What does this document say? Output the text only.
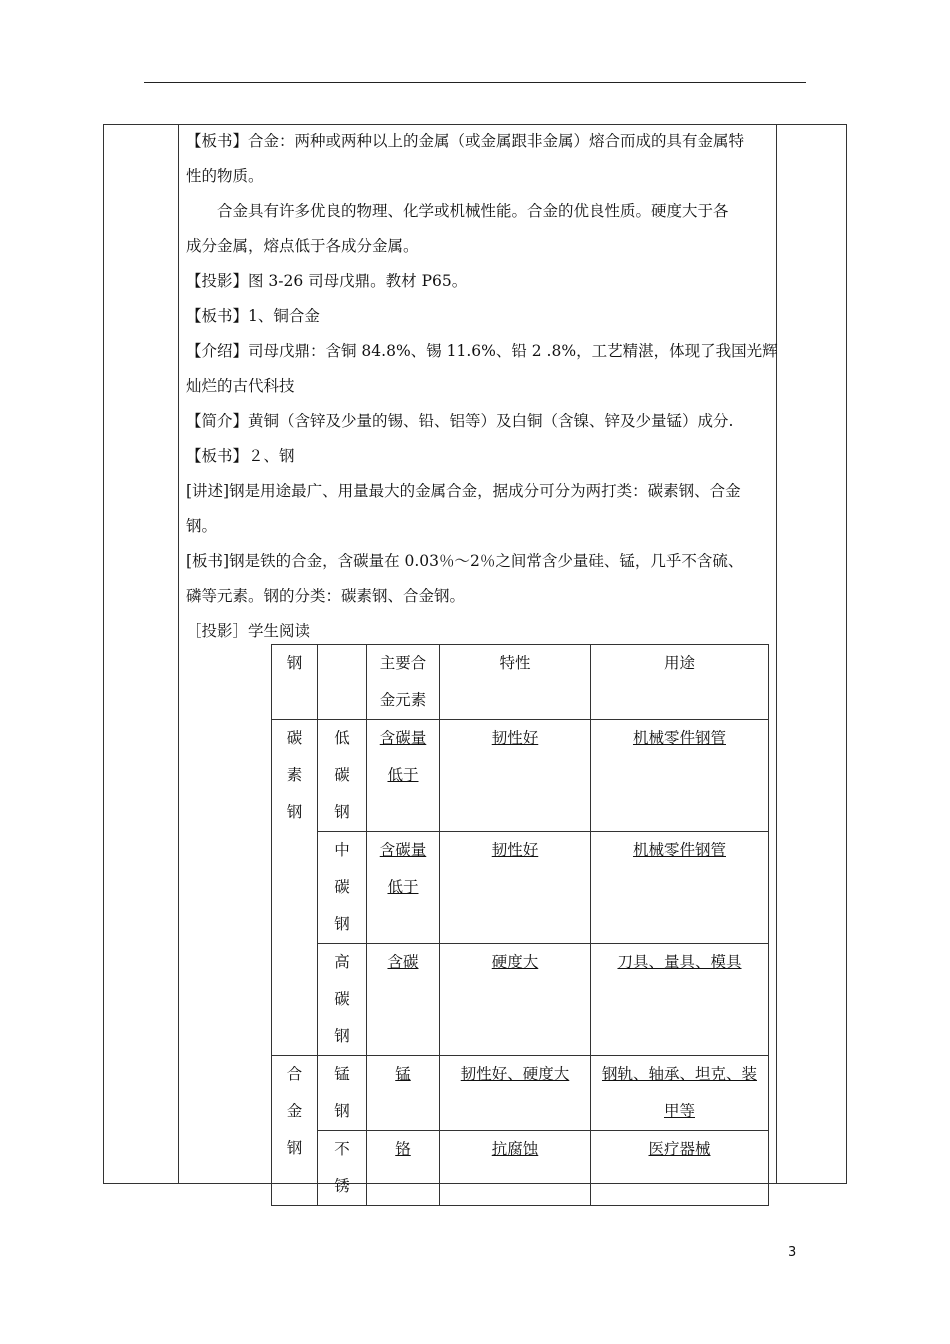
【板书】合金：两种或两种以上的金属（或金属跟非金属）熔合而成的具有金属特

性的物质。

合金具有许多优良的物理、化学或机械性能。合金的优良性质。硬度大于各

成分金属，熔点低于各成分金属。

【投影】图 3-26 司母戊鼎。教材 P65。

【板书】1、铜合金

【介绍】司母戊鼎：含铜 84.8%、锡 11.6%、铅 2 .8%，工艺精湛，体现了我国光辉

灿烂的古代科技

【简介】黄铜（含锌及少量的锡、铅、铝等）及白铜（含镍、锌及少量锰）成分.

【板书】２、钢

[讲述]钢是用途最广、用量最大的金属合金，据成分可分为两打类：碳素钢、合金

钢。

[板书]钢是铁的合金，含碳量在 0.03％～2％之间常含少量硅、锰，几乎不含硫、

磷等元素。钢的分类：碳素钢、合金钢。

［投影］学生阅读

钢		主要合金元素	特性	用途

碳素钢	低碳钢	含碳量低于	韧性好	机械零件钢管

	中碳钢	含碳量低于	韧性好	机械零件钢管

	高碳钢	含碳	硬度大	刀具、量具、模具

合金钢	锰钢	锰	韧性好、硬度大	钢轨、轴承、坦克、装甲等

	不锈	铬	抗腐蚀	医疗器械
3
